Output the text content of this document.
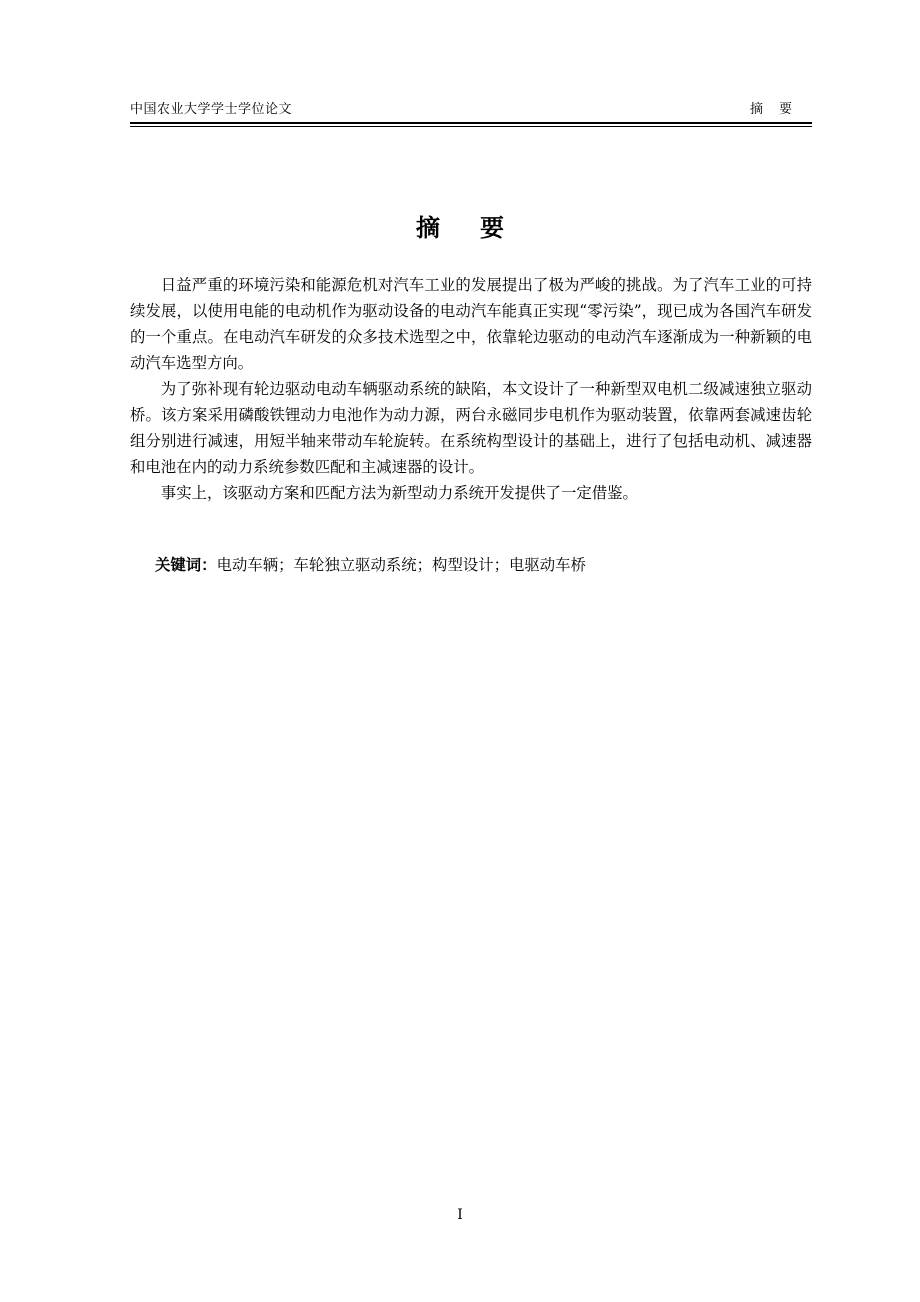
中国农业大学学士学位论文	摘要
摘要

日益严重的环境污染和能源危机对汽车工业的发展提出了极为严峻的挑战。为了汽车工业的可持续发展，以使用电能的电动机作为驱动设备的电动汽车能真正实现“零污染”，现已成为各国汽车研发的一个重点。在电动汽车研发的众多技术选型之中，依靠轮边驱动的电动汽车逐渐成为一种新颖的电动汽车选型方向。

为了弥补现有轮边驱动电动车辆驱动系统的缺陷，本文设计了一种新型双电机二级减速独立驱动桥。该方案采用磷酸铁锂动力电池作为动力源，两台永磁同步电机作为驱动装置，依靠两套减速齿轮组分别进行减速，用短半轴来带动车轮旋转。在系统构型设计的基础上，进行了包括电动机、减速器和电池在内的动力系统参数匹配和主减速器的设计。

事实上，该驱动方案和匹配方法为新型动力系统开发提供了一定借鉴。

关键词：电动车辆；车轮独立驱动系统；构型设计；电驱动车桥
I
